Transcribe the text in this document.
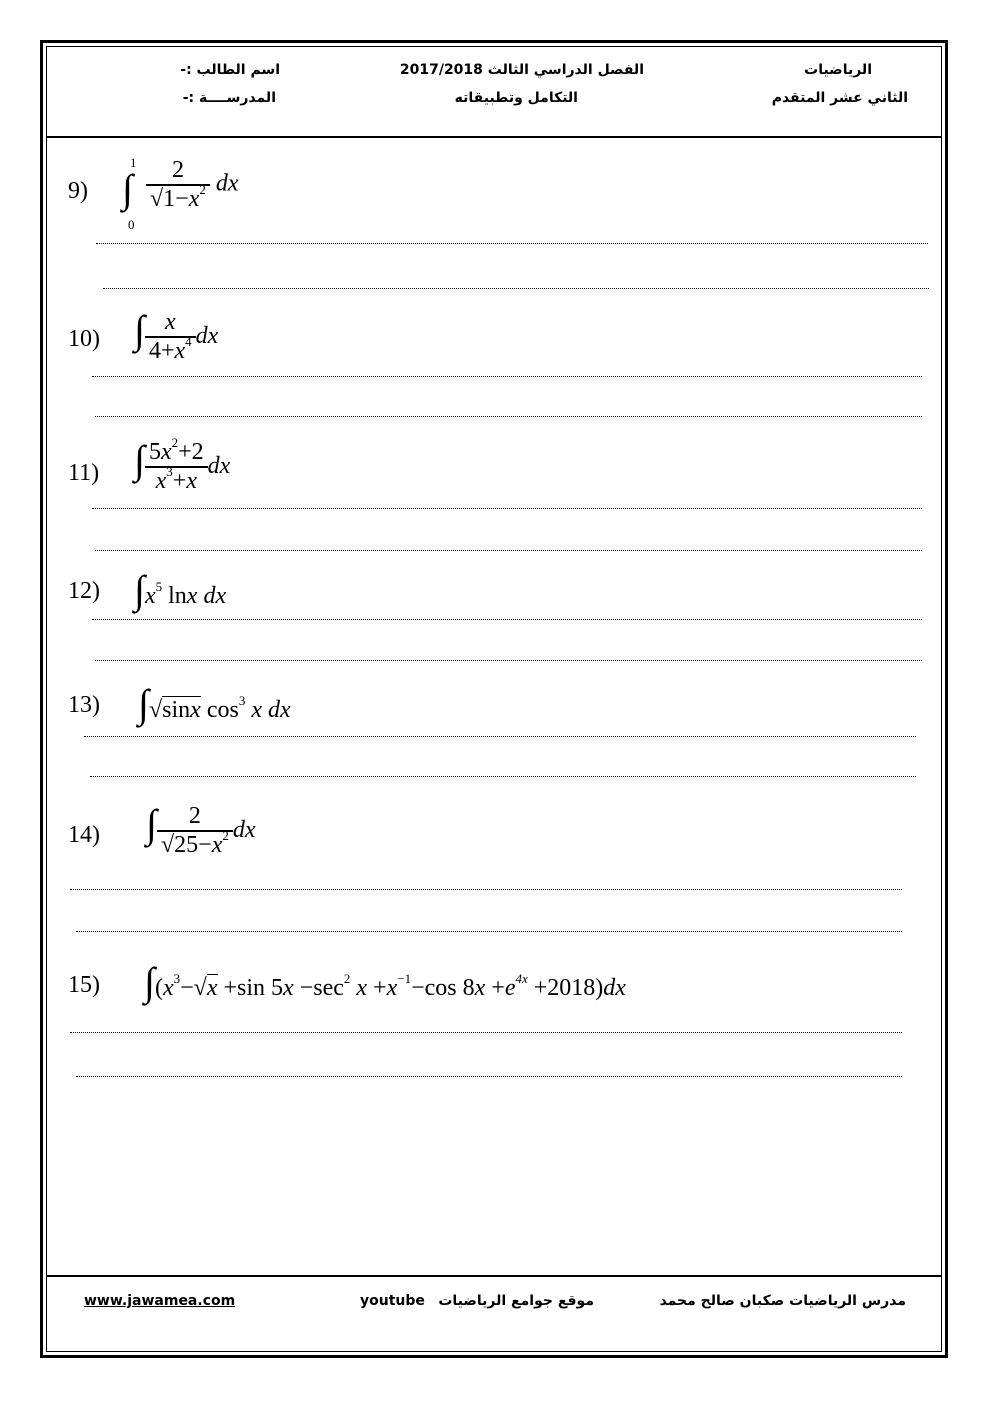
الرياضيات
الثاني عشر المتقدم
الفصل الدراسي الثالث 2017/2018
التكامل وتطبيقاته
اسم الطالب :-
المدرســــة :-
9)
1
∫
0
$\frac{2}{√1-x^2}$ dx
10) ∫ $\frac{x}{4+x^4}$ dx
11) ∫ $\frac{5x^2+2}{x^3+x}$ dx
12) $\int x^5$ lnx dx
13) ∫√sinx $\cos^3 x$ dx
14) ∫ $\frac{2}{√25-x^2}$ dx
15) $\int(x^3-√x +\sin$ $5x -\sec^2$ $x +x^{-1}-\cos$ $8x +e^{4x} +2018)dx$
www.jawamea.com	youtube موقع جوامع الرياضيات	مدرس الرياضيات صكبان صالح محمد
